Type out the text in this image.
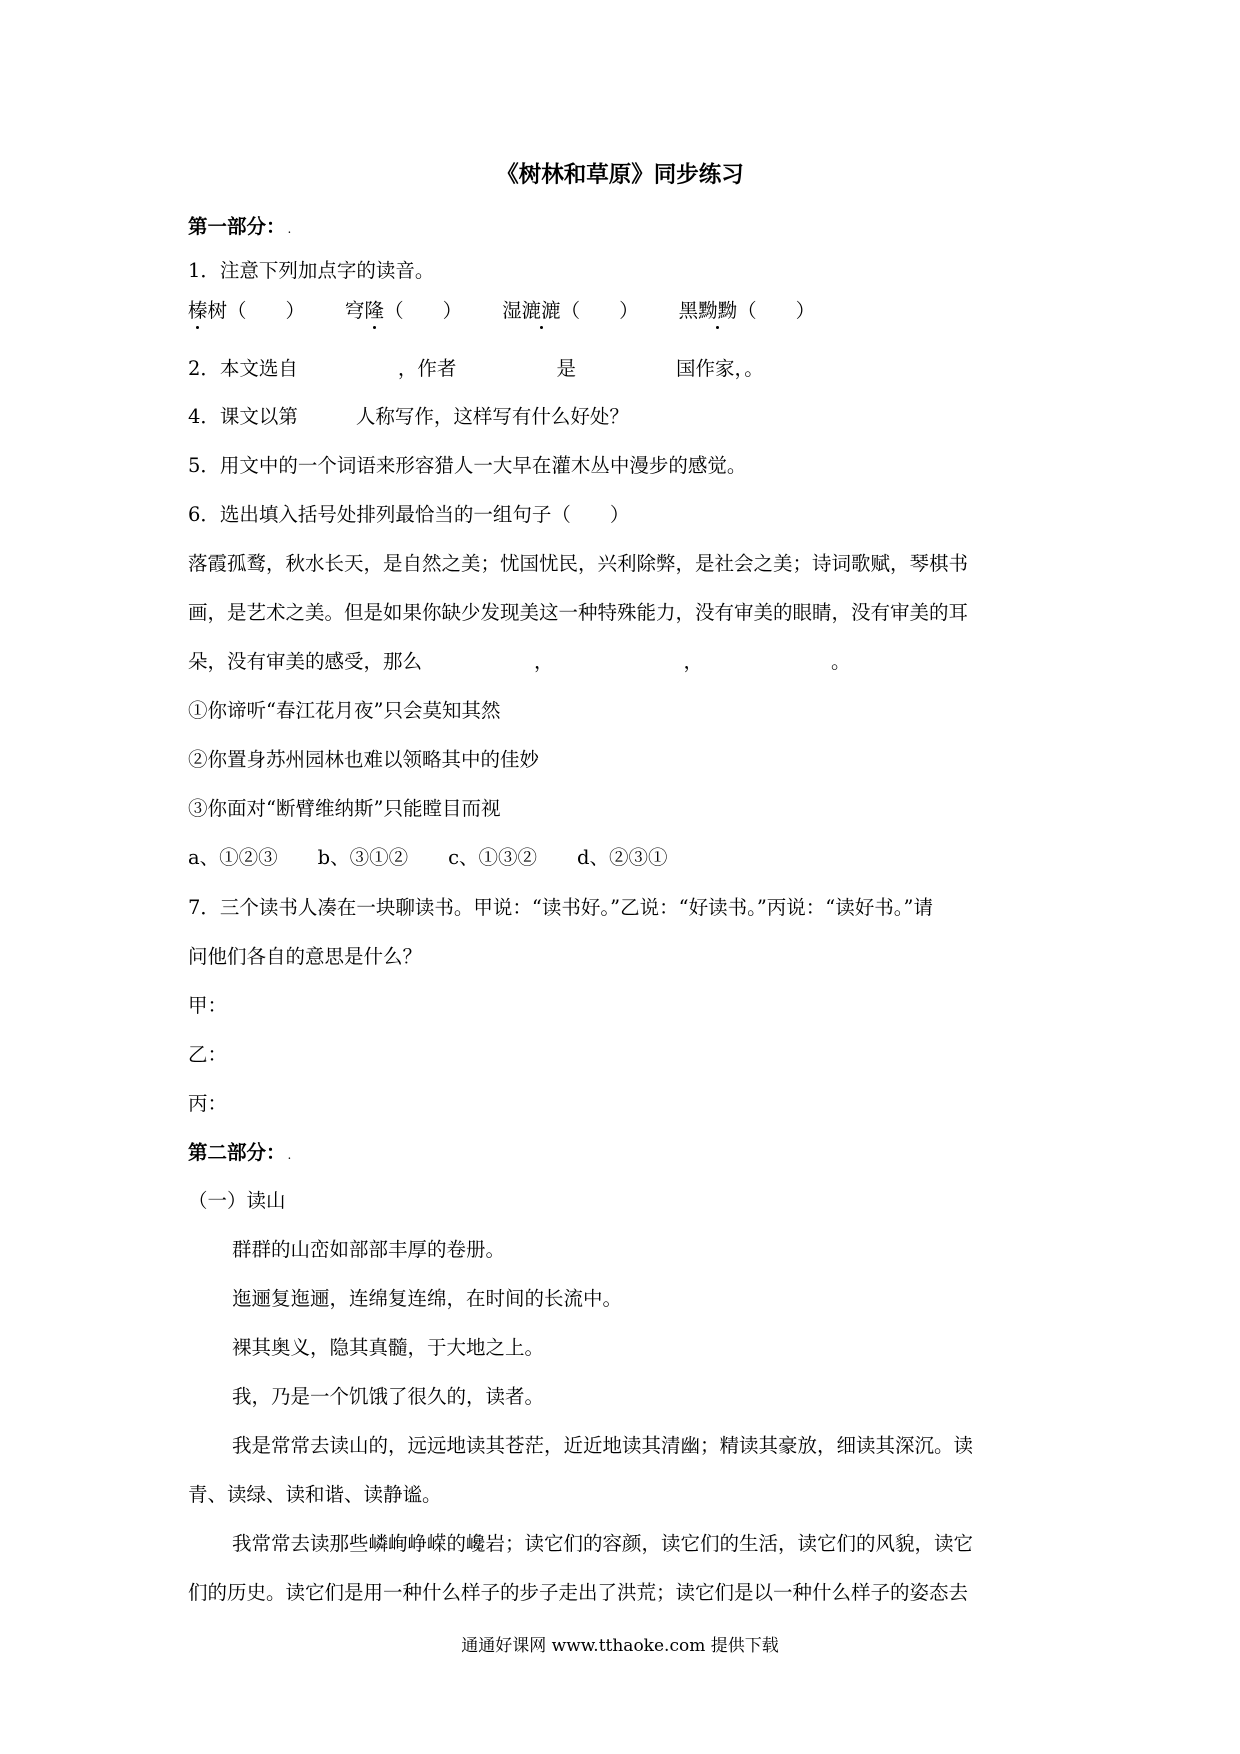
《树林和草原》同步练习
第一部分： .
1．注意下列加点字的读音。
榛树（　　） 穹隆（　　） 湿漉漉（　　） 黑黝黝（　　）
2．本文选自	，作者	是	国作家，。
4．课文以第	人称写作，这样写有什么好处？
5．用文中的一个词语来形容猎人一大早在灌木丛中漫步的感觉。
6．选出填入括号处排列最恰当的一组句子（　　）
落霞孤鹜，秋水长天，是自然之美；忧国忧民，兴利除弊，是社会之美；诗词歌赋，琴棋书
画，是艺术之美。但是如果你缺少发现美这一种特殊能力，没有审美的眼睛，没有审美的耳
朵，没有审美的感受，那么	，	，	。
①你谛听“春江花月夜”只会莫知其然
②你置身苏州园林也难以领略其中的佳妙
③你面对“断臂维纳斯”只能瞠目而视
a、①②③ b、③①② c、①③② d、②③①
7．三个读书人凑在一块聊读书。甲说：“读书好。”乙说：“好读书。”丙说：“读好书。”请
问他们各自的意思是什么？
甲：
乙：
丙：
第二部分： .
（一）读山
群群的山峦如部部丰厚的卷册。
迤逦复迤逦，连绵复连绵，在时间的长流中。
裸其奥义，隐其真髓，于大地之上。
我，乃是一个饥饿了很久的，读者。
我是常常去读山的，远远地读其苍茫，近近地读其清幽；精读其豪放，细读其深沉。读
青、读绿、读和谐、读静谧。
我常常去读那些嶙峋峥嵘的巉岩；读它们的容颜，读它们的生活，读它们的风貌，读它
们的历史。读它们是用一种什么样子的步子走出了洪荒；读它们是以一种什么样子的姿态去
通通好课网 www.tthaoke.com 提供下载
